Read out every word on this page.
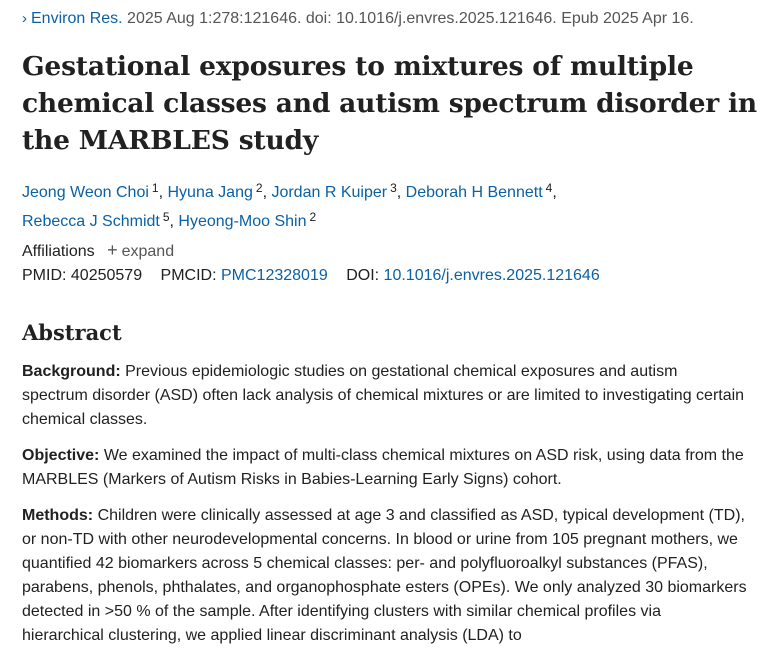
› Environ Res. 2025 Aug 1:278:121646. doi: 10.1016/j.envres.2025.121646. Epub 2025 Apr 16.
Gestational exposures to mixtures of multiple chemical classes and autism spectrum disorder in the MARBLES study
Jeong Weon Choi $^1$, Hyuna Jang $^2$, Jordan R Kuiper $^3$, Deborah H Bennett $^4$,
Rebecca J Schmidt $^5$, Hyeong-Moo Shin $^2$
Affiliations + expand
PMID: 40250579 PMCID: PMC12328019 DOI: 10.1016/j.envres.2025.121646
Abstract

Background: Previous epidemiologic studies on gestational chemical exposures and autism spectrum disorder (ASD) often lack analysis of chemical mixtures or are limited to investigating certain chemical classes.

Objective: We examined the impact of multi-class chemical mixtures on ASD risk, using data from the MARBLES (Markers of Autism Risks in Babies-Learning Early Signs) cohort.

Methods: Children were clinically assessed at age 3 and classified as ASD, typical development (TD), or non-TD with other neurodevelopmental concerns. In blood or urine from 105 pregnant mothers, we quantified 42 biomarkers across 5 chemical classes: per- and polyfluoroalkyl substances (PFAS), parabens, phenols, phthalates, and organophosphate esters (OPEs). We only analyzed 30 biomarkers detected in >50 % of the sample. After identifying clusters with similar chemical profiles via hierarchical clustering, we applied linear discriminant analysis (LDA) to
